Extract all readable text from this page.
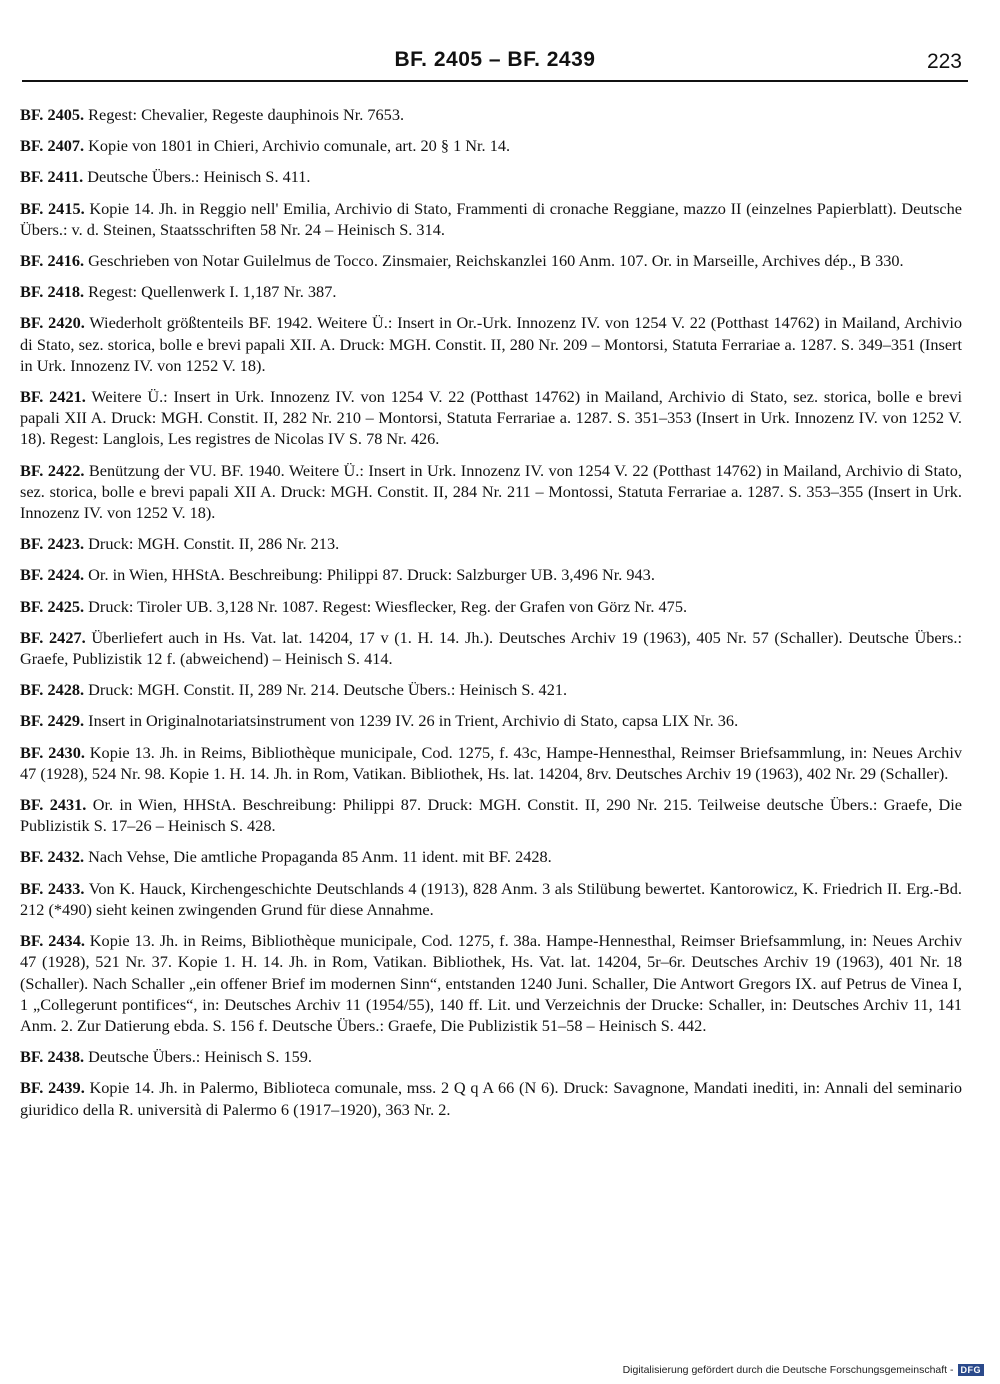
BF. 2405 – BF. 2439	223

BF. 2405. Regest: Chevalier, Regeste dauphinois Nr. 7653.

BF. 2407. Kopie von 1801 in Chieri, Archivio comunale, art. 20 § 1 Nr. 14.

BF. 2411. Deutsche Übers.: Heinisch S. 411.

BF. 2415. Kopie 14. Jh. in Reggio nell' Emilia, Archivio di Stato, Frammenti di cronache Reggiane, mazzo II (einzelnes Papierblatt). Deutsche Übers.: v. d. Steinen, Staatsschriften 58 Nr. 24 – Heinisch S. 314.

BF. 2416. Geschrieben von Notar Guilelmus de Tocco. Zinsmaier, Reichskanzlei 160 Anm. 107. Or. in Marseille, Archives dép., B 330.

BF. 2418. Regest: Quellenwerk I. 1,187 Nr. 387.

BF. 2420. Wiederholt größtenteils BF. 1942. Weitere Ü.: Insert in Or.-Urk. Innozenz IV. von 1254 V. 22 (Potthast 14762) in Mailand, Archivio di Stato, sez. storica, bolle e brevi papali XII. A. Druck: MGH. Constit. II, 280 Nr. 209 – Montorsi, Statuta Ferrariae a. 1287. S. 349–351 (Insert in Urk. Innozenz IV. von 1252 V. 18).

BF. 2421. Weitere Ü.: Insert in Urk. Innozenz IV. von 1254 V. 22 (Potthast 14762) in Mailand, Archivio di Stato, sez. storica, bolle e brevi papali XII A. Druck: MGH. Constit. II, 282 Nr. 210 – Montorsi, Statuta Ferrariae a. 1287. S. 351–353 (Insert in Urk. Innozenz IV. von 1252 V. 18). Regest: Langlois, Les registres de Nicolas IV S. 78 Nr. 426.

BF. 2422. Benützung der VU. BF. 1940. Weitere Ü.: Insert in Urk. Innozenz IV. von 1254 V. 22 (Potthast 14762) in Mailand, Archivio di Stato, sez. storica, bolle e brevi papali XII A. Druck: MGH. Constit. II, 284 Nr. 211 – Montossi, Statuta Ferrariae a. 1287. S. 353–355 (Insert in Urk. Innozenz IV. von 1252 V. 18).

BF. 2423. Druck: MGH. Constit. II, 286 Nr. 213.

BF. 2424. Or. in Wien, HHStA. Beschreibung: Philippi 87. Druck: Salzburger UB. 3,496 Nr. 943.

BF. 2425. Druck: Tiroler UB. 3,128 Nr. 1087. Regest: Wiesflecker, Reg. der Grafen von Görz Nr. 475.

BF. 2427. Überliefert auch in Hs. Vat. lat. 14204, 17 v (1. H. 14. Jh.). Deutsches Archiv 19 (1963), 405 Nr. 57 (Schaller). Deutsche Übers.: Graefe, Publizistik 12 f. (abweichend) – Heinisch S. 414.

BF. 2428. Druck: MGH. Constit. II, 289 Nr. 214. Deutsche Übers.: Heinisch S. 421.

BF. 2429. Insert in Originalnotariatsinstrument von 1239 IV. 26 in Trient, Archivio di Stato, capsa LIX Nr. 36.

BF. 2430. Kopie 13. Jh. in Reims, Bibliothèque municipale, Cod. 1275, f. 43c, Hampe-Hennesthal, Reimser Briefsammlung, in: Neues Archiv 47 (1928), 524 Nr. 98. Kopie 1. H. 14. Jh. in Rom, Vatikan. Bibliothek, Hs. lat. 14204, 8rv. Deutsches Archiv 19 (1963), 402 Nr. 29 (Schaller).

BF. 2431. Or. in Wien, HHStA. Beschreibung: Philippi 87. Druck: MGH. Constit. II, 290 Nr. 215. Teilweise deutsche Übers.: Graefe, Die Publizistik S. 17–26 – Heinisch S. 428.

BF. 2432. Nach Vehse, Die amtliche Propaganda 85 Anm. 11 ident. mit BF. 2428.

BF. 2433. Von K. Hauck, Kirchengeschichte Deutschlands 4 (1913), 828 Anm. 3 als Stilübung bewertet. Kantorowicz, K. Friedrich II. Erg.-Bd. 212 (*490) sieht keinen zwingenden Grund für diese Annahme.

BF. 2434. Kopie 13. Jh. in Reims, Bibliothèque municipale, Cod. 1275, f. 38a. Hampe-Hennesthal, Reimser Briefsammlung, in: Neues Archiv 47 (1928), 521 Nr. 37. Kopie 1. H. 14. Jh. in Rom, Vatikan. Bibliothek, Hs. Vat. lat. 14204, 5r–6r. Deutsches Archiv 19 (1963), 401 Nr. 18 (Schaller). Nach Schaller „ein offener Brief im modernen Sinn“, entstanden 1240 Juni. Schaller, Die Antwort Gregors IX. auf Petrus de Vinea I, 1 „Collegerunt pontifices“, in: Deutsches Archiv 11 (1954/55), 140 ff. Lit. und Verzeichnis der Drucke: Schaller, in: Deutsches Archiv 11, 141 Anm. 2. Zur Datierung ebda. S. 156 f. Deutsche Übers.: Graefe, Die Publizistik 51–58 – Heinisch S. 442.

BF. 2438. Deutsche Übers.: Heinisch S. 159.

BF. 2439. Kopie 14. Jh. in Palermo, Biblioteca comunale, mss. 2 Q q A 66 (N 6). Druck: Savagnone, Mandati inediti, in: Annali del seminario giuridico della R. università di Palermo 6 (1917–1920), 363 Nr. 2.

Digitalisierung gefördert durch die Deutsche Forschungsgemeinschaft - DFG
